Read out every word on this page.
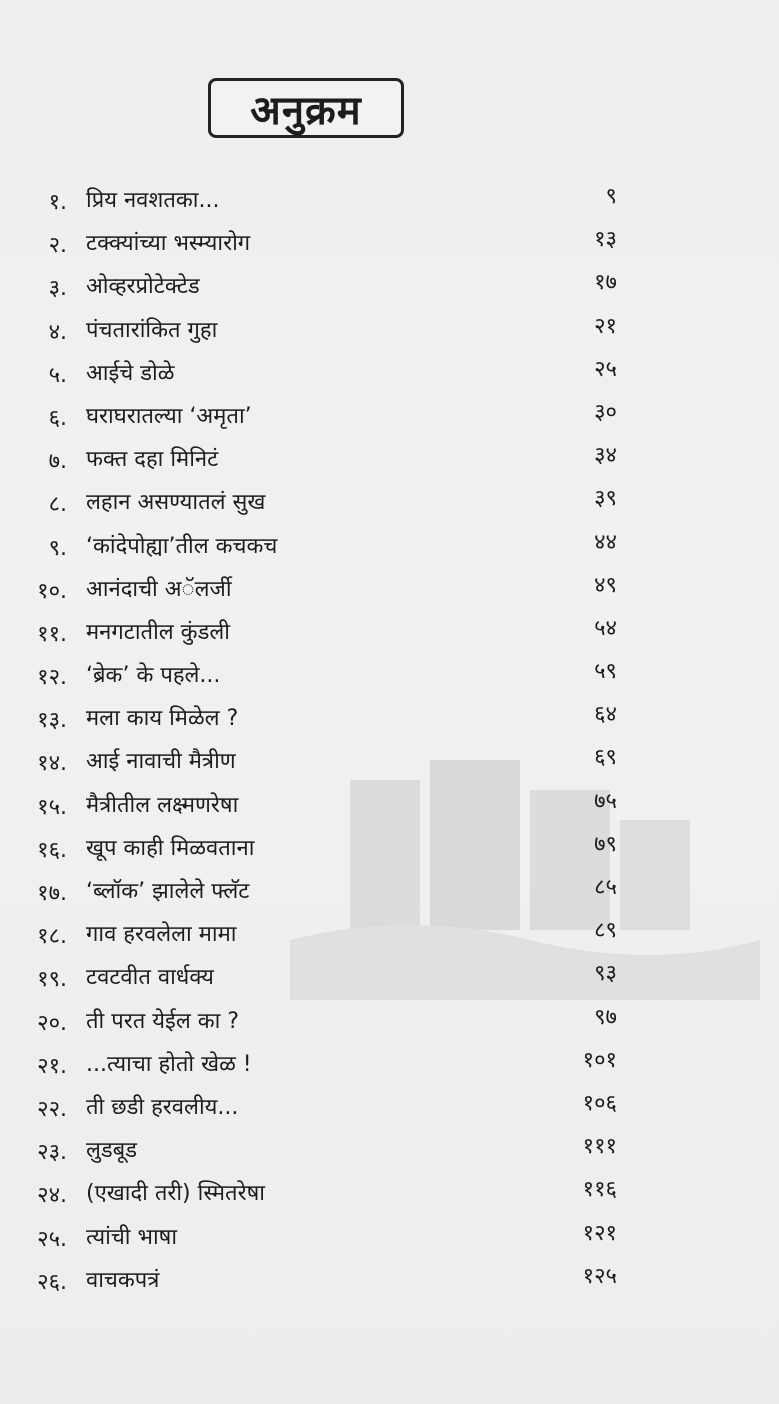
अनुक्रम
१. प्रिय नवशतका...	९
२. टक्क्यांच्या भस्म्यारोग	१३
३. ओव्हरप्रोटेक्टेड	१७
४. पंचतारांकित गुहा	२१
५. आईचे डोळे	२५
६. घराघरातल्या ‘अमृता’	३०
७. फक्त दहा मिनिटं	३४
८. लहान असण्यातलं सुख	३९
९. ‘कांदेपोह्या’तील कचकच	४४
१०. आनंदाची अॅलर्जी	४९
११. मनगटातील कुंडली	५४
१२. ‘ब्रेक’ के पहले...	५९
१३. मला काय मिळेल ?	६४
१४. आई नावाची मैत्रीण	६९
१५. मैत्रीतील लक्ष्मणरेषा	७५
१६. खूप काही मिळवताना	७९
१७. ‘ब्लॉक’ झालेले फ्लॅट	८५
१८. गाव हरवलेला मामा	८९
१९. टवटवीत वार्धक्य	९३
२०. ती परत येईल का ?	९७
२१. ...त्याचा होतो खेळ !	१०१
२२. ती छडी हरवलीय...	१०६
२३. लुडबूड	१११
२४. (एखादी तरी) स्मितरेषा	११६
२५. त्यांची भाषा	१२१
२६. वाचकपत्रं	१२५
